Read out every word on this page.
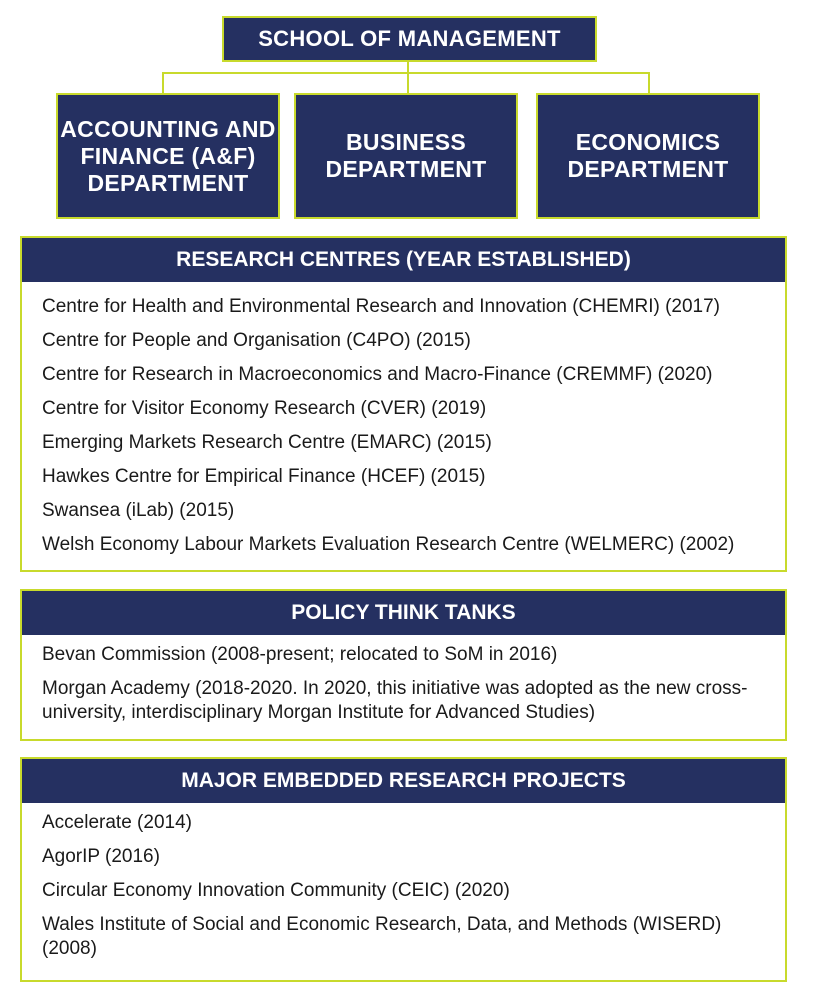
SCHOOL OF MANAGEMENT
ACCOUNTING AND FINANCE (A&F) DEPARTMENT
BUSINESS DEPARTMENT
ECONOMICS DEPARTMENT
RESEARCH CENTRES (YEAR ESTABLISHED)
Centre for Health and Environmental Research and Innovation (CHEMRI) (2017)
Centre for People and Organisation (C4PO) (2015)
Centre for Research in Macroeconomics and Macro-Finance (CREMMF) (2020)
Centre for Visitor Economy Research (CVER) (2019)
Emerging Markets Research Centre (EMARC) (2015)
Hawkes Centre for Empirical Finance (HCEF) (2015)
Swansea (iLab) (2015)
Welsh Economy Labour Markets Evaluation Research Centre (WELMERC) (2002)
POLICY THINK TANKS
Bevan Commission (2008-present; relocated to SoM in 2016)
Morgan Academy (2018-2020. In 2020, this initiative was adopted as the new cross-university, interdisciplinary Morgan Institute for Advanced Studies)
MAJOR EMBEDDED RESEARCH PROJECTS
Accelerate (2014)
AgorIP (2016)
Circular Economy Innovation Community (CEIC) (2020)
Wales Institute of Social and Economic Research, Data, and Methods (WISERD) (2008)
